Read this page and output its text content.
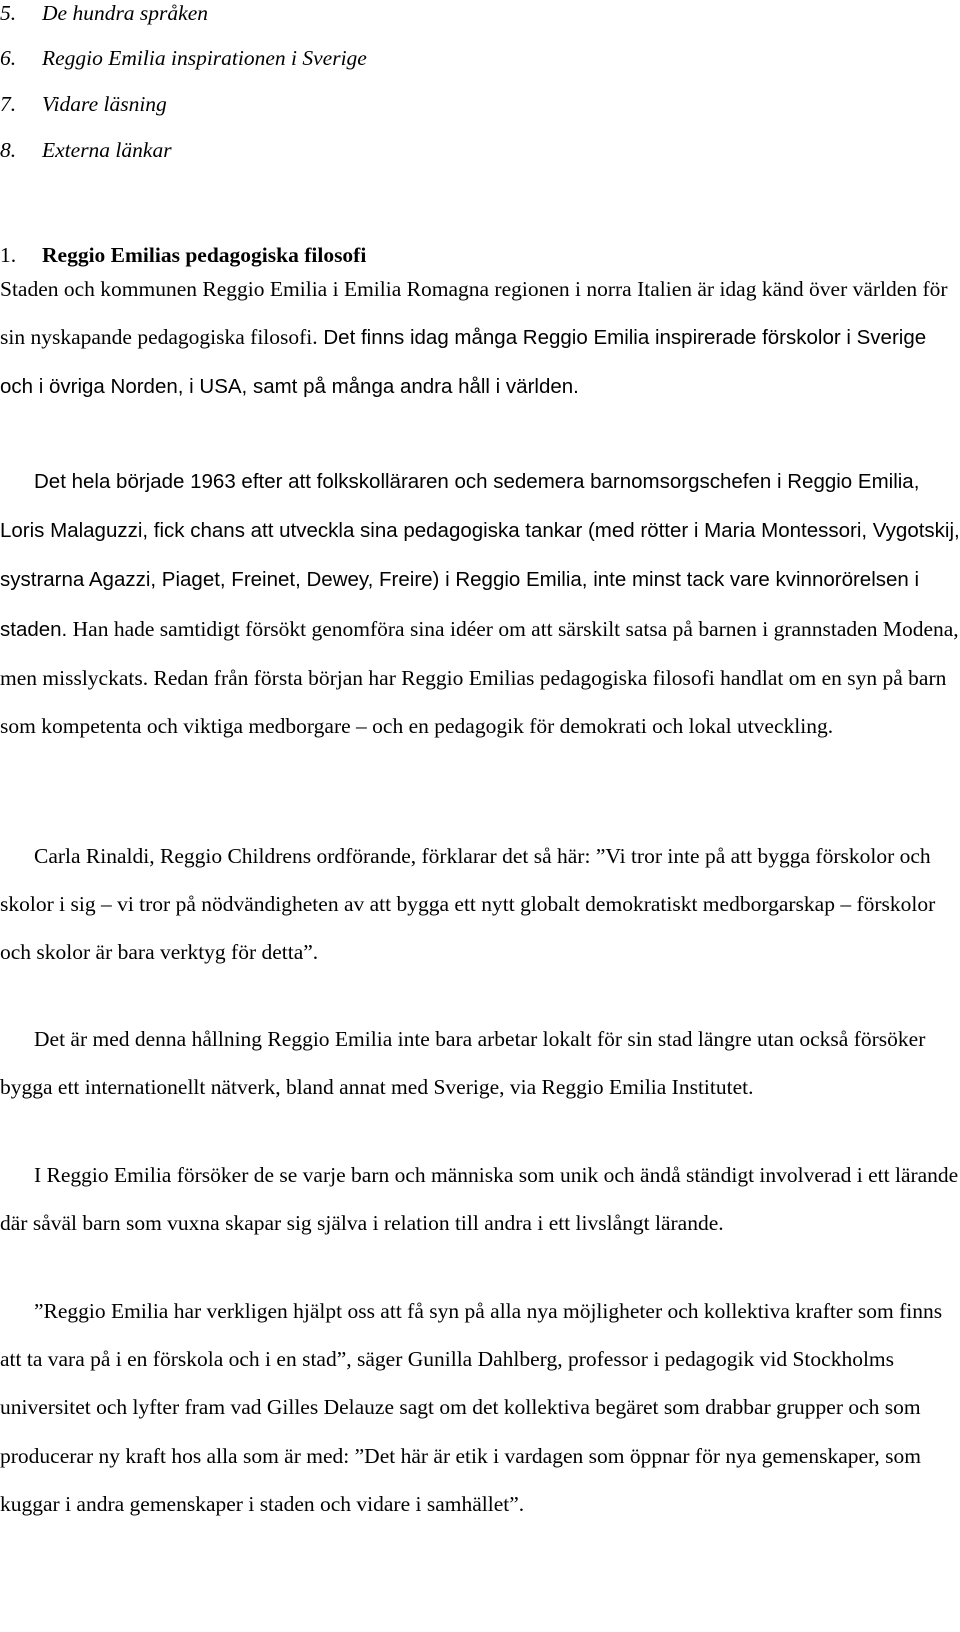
5. De hundra språken
6. Reggio Emilia inspirationen i Sverige
7. Vidare läsning
8. Externa länkar
1. Reggio Emilias pedagogiska filosofi

Staden och kommunen Reggio Emilia i Emilia Romagna regionen i norra Italien är idag känd över världen för sin nyskapande pedagogiska filosofi. Det finns idag många Reggio Emilia inspirerade förskolor i Sverige och i övriga Norden, i USA, samt på många andra håll i världen.

Det hela började 1963 efter att folkskolläraren och sedemera barnomsorgschefen i Reggio Emilia, Loris Malaguzzi, fick chans att utveckla sina pedagogiska tankar (med rötter i Maria Montessori, Vygotskij, systrarna Agazzi, Piaget, Freinet, Dewey, Freire) i Reggio Emilia, inte minst tack vare kvinnorörelsen i staden. Han hade samtidigt försökt genomföra sina idéer om att särskilt satsa på barnen i grannstaden Modena, men misslyckats. Redan från första början har Reggio Emilias pedagogiska filosofi handlat om en syn på barn som kompetenta och viktiga medborgare – och en pedagogik för demokrati och lokal utveckling.

Carla Rinaldi, Reggio Childrens ordförande, förklarar det så här: ”Vi tror inte på att bygga förskolor och skolor i sig – vi tror på nödvändigheten av att bygga ett nytt globalt demokratiskt medborgarskap – förskolor och skolor är bara verktyg för detta”.

Det är med denna hållning Reggio Emilia inte bara arbetar lokalt för sin stad längre utan också försöker bygga ett internationellt nätverk, bland annat med Sverige, via Reggio Emilia Institutet.

I Reggio Emilia försöker de se varje barn och människa som unik och ändå ständigt involverad i ett lärande där såväl barn som vuxna skapar sig själva i relation till andra i ett livslångt lärande.

”Reggio Emilia har verkligen hjälpt oss att få syn på alla nya möjligheter och kollektiva krafter som finns att ta vara på i en förskola och i en stad”, säger Gunilla Dahlberg, professor i pedagogik vid Stockholms universitet och lyfter fram vad Gilles Delauze sagt om det kollektiva begäret som drabbar grupper och som producerar ny kraft hos alla som är med: ”Det här är etik i vardagen som öppnar för nya gemenskaper, som kuggar i andra gemenskaper i staden och vidare i samhället”.
